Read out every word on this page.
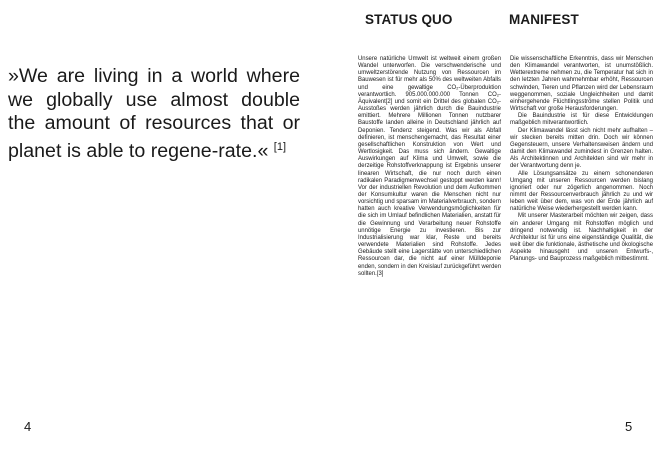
»We are living in a world where we globally use almost double the amount of resources that or planet is able to regene-rate.« [1]
STATUS QUO	MANIFEST

Unsere natürliche Umwelt ist weltweit einem großen Wandel unterworfen. Die verschwenderische und umweltzerstörende Nutzung von Ressourcen im Bauwesen ist für mehr als 50% des weltweiten Abfalls und eine gewaltige CO₂-Überproduktion verantwortlich. 905.000.000.000 Tonnen CO₂-Äquivalent[2] und somit ein Drittel des globalen CO₂-Ausstoßes werden jährlich durch die Bauindustrie emittiert. Mehrere Millionen Tonnen nutzbarer Baustoffe landen alleine in Deutschland jährlich auf Deponien. Tendenz steigend. Was wir als Abfall definieren, ist menschengemacht, das Resultat einer gesellschaftlichen Konstruktion von Wert und Wertlosigkeit. Das muss sich ändern. Gewaltige Auswirkungen auf Klima und Umwelt, sowie die derzeitige Rohstoffverknappung ist Ergebnis unserer linearen Wirtschaft, die nur noch durch einen radikalen Paradigmenwechsel gestoppt werden kann! Vor der industriellen Revolution und dem Aufkommen der Konsumkultur waren die Menschen nicht nur vorsichtig und sparsam im Materialverbrauch, sondern hatten auch kreative Verwendungsmöglichkeiten für die sich im Umlauf befindlichen Materialien, anstatt für die Gewinnung und Verarbeitung neuer Rohstoffe unnötige Energie zu investieren. Bis zur Industrialisierung war klar, Reste und bereits verwendete Materialien sind Rohstoffe. Jedes Gebäude stellt eine Lagerstätte von unterschiedlichen Ressourcen dar, die nicht auf einer Mülldeponie enden, sondern in den Kreislauf zurückgeführt werden sollten.[3]

Die wissenschaftliche Erkenntnis, dass wir Menschen den Klimawandel verantworten, ist unumstößlich. Wetterextreme nehmen zu, die Temperatur hat sich in den letzten Jahren wahrnehmbar erhöht, Ressourcen schwinden, Tieren und Pflanzen wird der Lebensraum weggenommen, soziale Ungleichheiten und damit einhergehende Flüchtlingsströme stellen Politik und Wirtschaft vor große Herausforderungen.

Die Bauindustrie ist für diese Entwicklungen maßgeblich mitverantwortlich.

Der Klimawandel lässt sich nicht mehr aufhalten – wir stecken bereits mitten drin. Doch wir können Gegensteuern, unsere Verhaltensweisen ändern und damit den Klimawandel zumindest in Grenzen halten. Als Architektinnen und Architekten sind wir mehr in der Verantwortung denn je.

Alle Lösungsansätze zu einem schonenderen Umgang mit unseren Ressourcen werden bislang ignoriert oder nur zögerlich angenommen. Noch nimmt der Ressourcenverbrauch jährlich zu und wir leben weit über dem, was von der Erde jährlich auf natürliche Weise wiederhergestellt werden kann.

Mit unserer Masterarbeit möchten wir zeigen, dass ein anderer Umgang mit Rohstoffen möglich und dringend notwendig ist. Nachhaltigkeit in der Architektur ist für uns eine eigenständige Qualität, die weit über die funktionale, ästhetische und ökologische Aspekte hinausgeht und unseren Entwurfs-, Planungs- und Bauprozess maßgeblich mitbestimmt.

4	5
